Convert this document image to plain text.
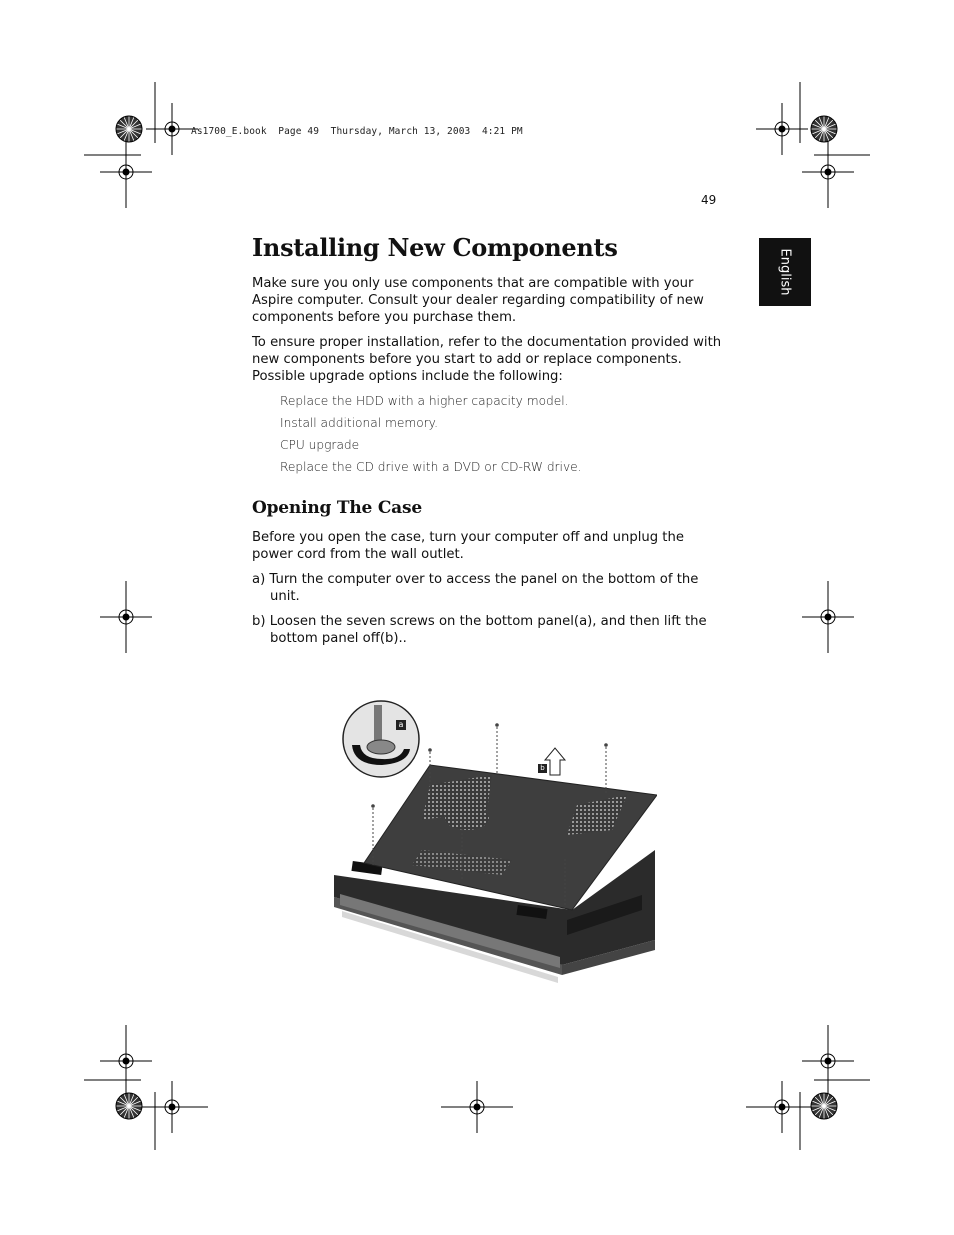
As1700_E.book  Page 49  Thursday, March 13, 2003  4:21 PM
49
English
Installing New Components
Make sure you only use components that are compatible with your Aspire computer. Consult your dealer regarding compatibility of new components before you purchase them.
To ensure proper installation, refer to the documentation provided with new components before you start to add or replace components. Possible upgrade options include the following:
Replace the HDD with a higher capacity model.
Install additional memory.
CPU upgrade
Replace the CD drive with a DVD or CD-RW drive.
Opening The Case
Before you open the case, turn your computer off and unplug the power cord from the wall outlet.
a) Turn the computer over to access the panel on the bottom of the unit.
b) Loosen the seven screws on the bottom panel(a), and then lift the bottom panel off(b)..
a
b
